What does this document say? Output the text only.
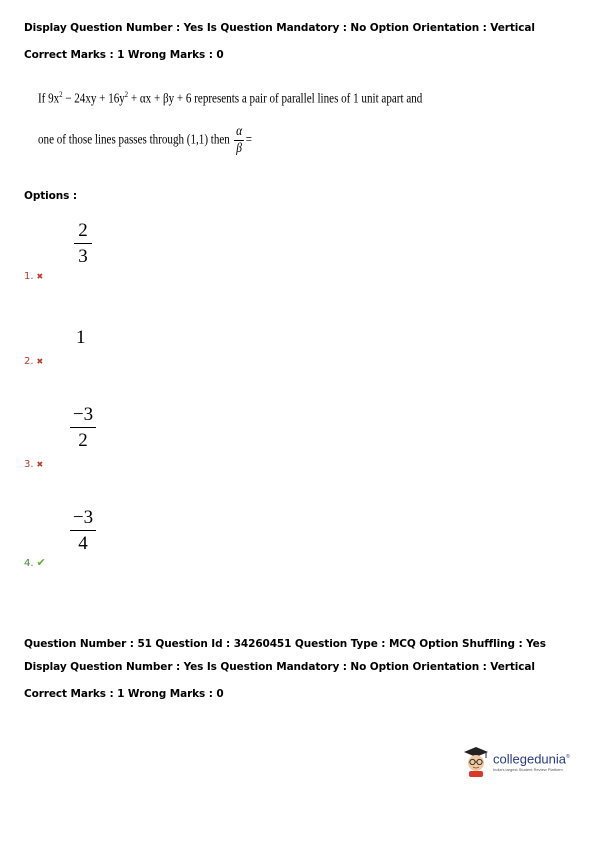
Display Question Number : Yes Is Question Mandatory : No Option Orientation : Vertical
Correct Marks : 1 Wrong Marks : 0
If $9x^2 - 24xy + 16y^2 + \alpha x + \beta y + 6$ represents a pair of parallel lines of 1 unit apart and
one of those lines passes through (1,1) then $\frac{\alpha}{\beta}$ =
Options :
2
3
1. ✖
1
2. ✖
−3
2
3. ✖
−3
4
4. ✔
Question Number : 51 Question Id : 34260451 Question Type : MCQ Option Shuffling : Yes
Display Question Number : Yes Is Question Mandatory : No Option Orientation : Vertical
Correct Marks : 1 Wrong Marks : 0
collegedunia®
India's largest Student Review Platform
